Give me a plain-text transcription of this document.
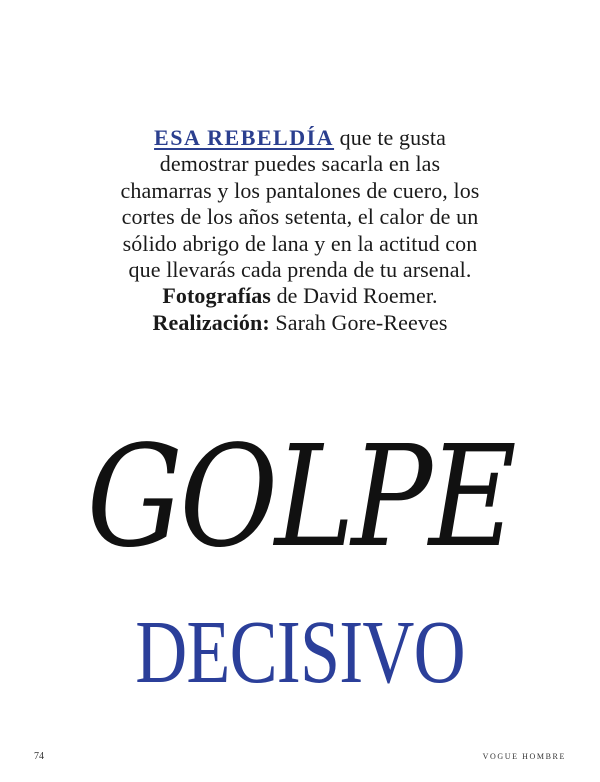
ESA REBELDÍA que te gusta demostrar puedes sacarla en las chamarras y los pantalones de cuero, los cortes de los años setenta, el calor de un sólido abrigo de lana y en la actitud con que llevarás cada prenda de tu arsenal. Fotografías de David Roemer. Realización: Sarah Gore-Reeves
GOLPE
DECISIVO
74	VOGUE HOMBRE
